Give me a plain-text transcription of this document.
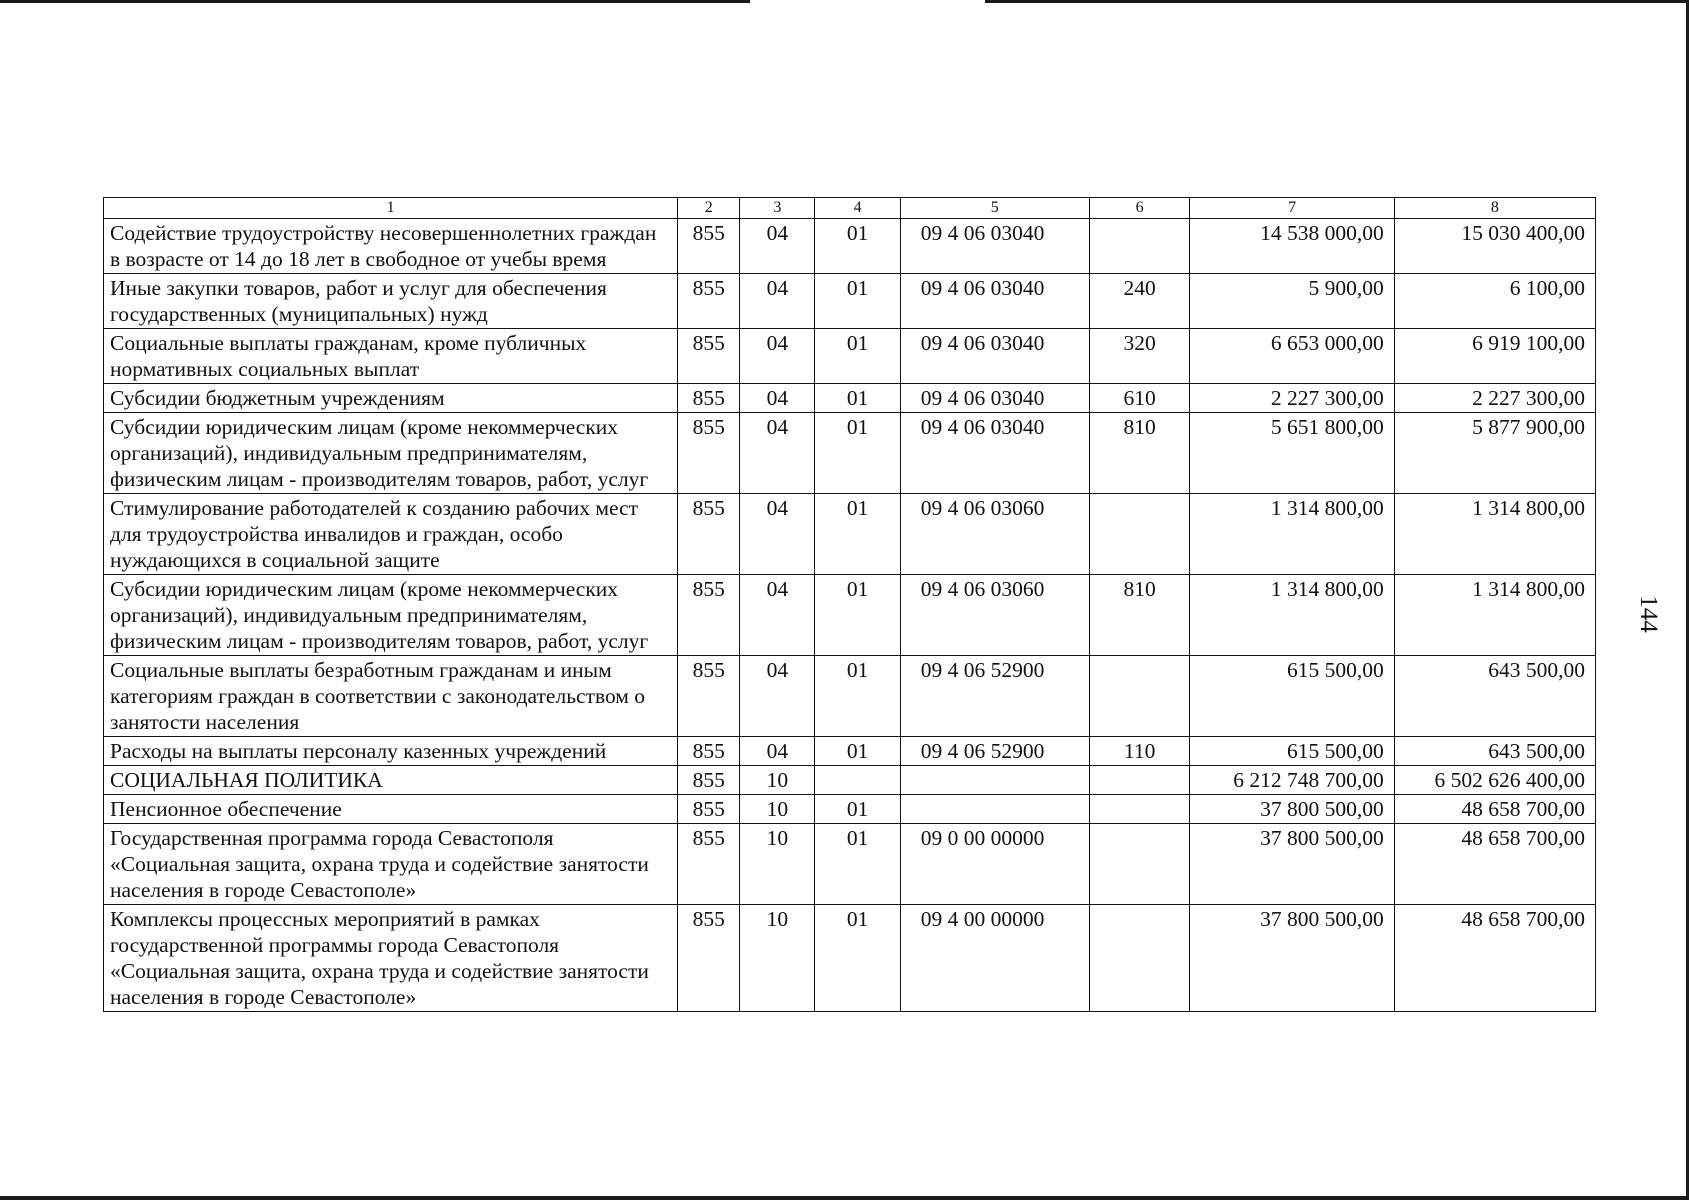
144
1	2	3	4	5	6	7	8
Содействие трудоустройству несовершеннолетних граждан в возрасте от 14 до 18 лет в свободное от учебы время	855	04	01	09 4 06 03040		14 538 000,00	15 030 400,00
Иные закупки товаров, работ и услуг для обеспечения государственных (муниципальных) нужд	855	04	01	09 4 06 03040	240	5 900,00	6 100,00
Социальные выплаты гражданам, кроме публичных нормативных социальных выплат	855	04	01	09 4 06 03040	320	6 653 000,00	6 919 100,00
Субсидии бюджетным учреждениям	855	04	01	09 4 06 03040	610	2 227 300,00	2 227 300,00
Субсидии юридическим лицам (кроме некоммерческих организаций), индивидуальным предпринимателям, физическим лицам - производителям товаров, работ, услуг	855	04	01	09 4 06 03040	810	5 651 800,00	5 877 900,00
Стимулирование работодателей к созданию рабочих мест для трудоустройства инвалидов и граждан, особо нуждающихся в социальной защите	855	04	01	09 4 06 03060		1 314 800,00	1 314 800,00
Субсидии юридическим лицам (кроме некоммерческих организаций), индивидуальным предпринимателям, физическим лицам - производителям товаров, работ, услуг	855	04	01	09 4 06 03060	810	1 314 800,00	1 314 800,00
Социальные выплаты безработным гражданам и иным категориям граждан в соответствии с законодательством о занятости населения	855	04	01	09 4 06 52900		615 500,00	643 500,00
Расходы на выплаты персоналу казенных учреждений	855	04	01	09 4 06 52900	110	615 500,00	643 500,00
СОЦИАЛЬНАЯ ПОЛИТИКА	855	10				6 212 748 700,00	6 502 626 400,00
Пенсионное обеспечение	855	10	01			37 800 500,00	48 658 700,00
Государственная программа города Севастополя «Социальная защита, охрана труда и содействие занятости населения в городе Севастополе»	855	10	01	09 0 00 00000		37 800 500,00	48 658 700,00
Комплексы процессных мероприятий в рамках государственной программы города Севастополя «Социальная защита, охрана труда и содействие занятости населения в городе Севастополе»	855	10	01	09 4 00 00000		37 800 500,00	48 658 700,00
